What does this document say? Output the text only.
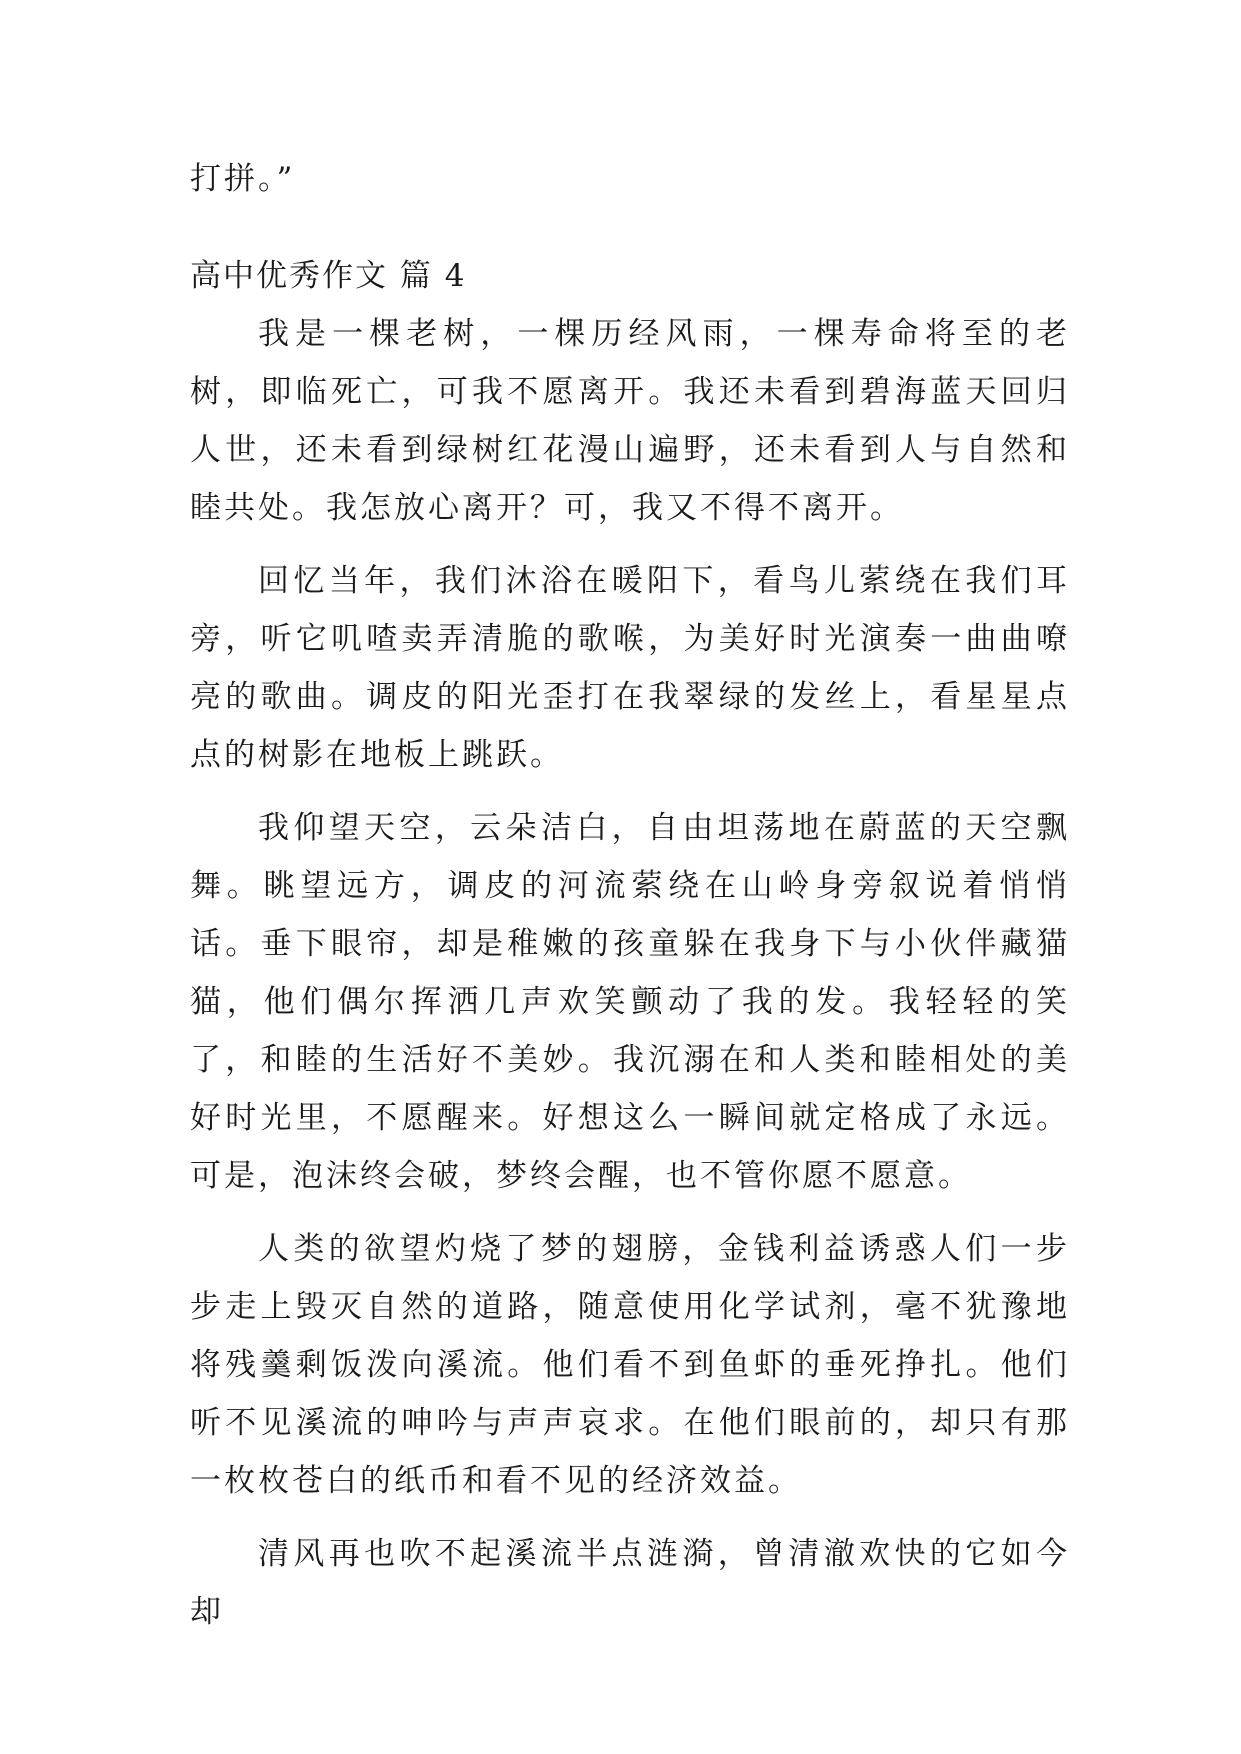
打拼。”

高中优秀作文 篇 4

我是一棵老树，一棵历经风雨，一棵寿命将至的老树，即临死亡，可我不愿离开。我还未看到碧海蓝天回归人世，还未看到绿树红花漫山遍野，还未看到人与自然和睦共处。我怎放心离开？可，我又不得不离开。

回忆当年，我们沐浴在暖阳下，看鸟儿萦绕在我们耳旁，听它叽喳卖弄清脆的歌喉，为美好时光演奏一曲曲嘹亮的歌曲。调皮的阳光歪打在我翠绿的发丝上，看星星点点的树影在地板上跳跃。

我仰望天空，云朵洁白，自由坦荡地在蔚蓝的天空飘舞。眺望远方，调皮的河流萦绕在山岭身旁叙说着悄悄话。垂下眼帘，却是稚嫩的孩童躲在我身下与小伙伴藏猫猫，他们偶尔挥洒几声欢笑颤动了我的发。我轻轻的笑了，和睦的生活好不美妙。我沉溺在和人类和睦相处的美好时光里，不愿醒来。好想这么一瞬间就定格成了永远。可是，泡沫终会破，梦终会醒，也不管你愿不愿意。

人类的欲望灼烧了梦的翅膀，金钱利益诱惑人们一步步走上毁灭自然的道路，随意使用化学试剂，毫不犹豫地将残羹剩饭泼向溪流。他们看不到鱼虾的垂死挣扎。他们听不见溪流的呻吟与声声哀求。在他们眼前的，却只有那一枚枚苍白的纸币和看不见的经济效益。

清风再也吹不起溪流半点涟漪，曾清澈欢快的它如今却
